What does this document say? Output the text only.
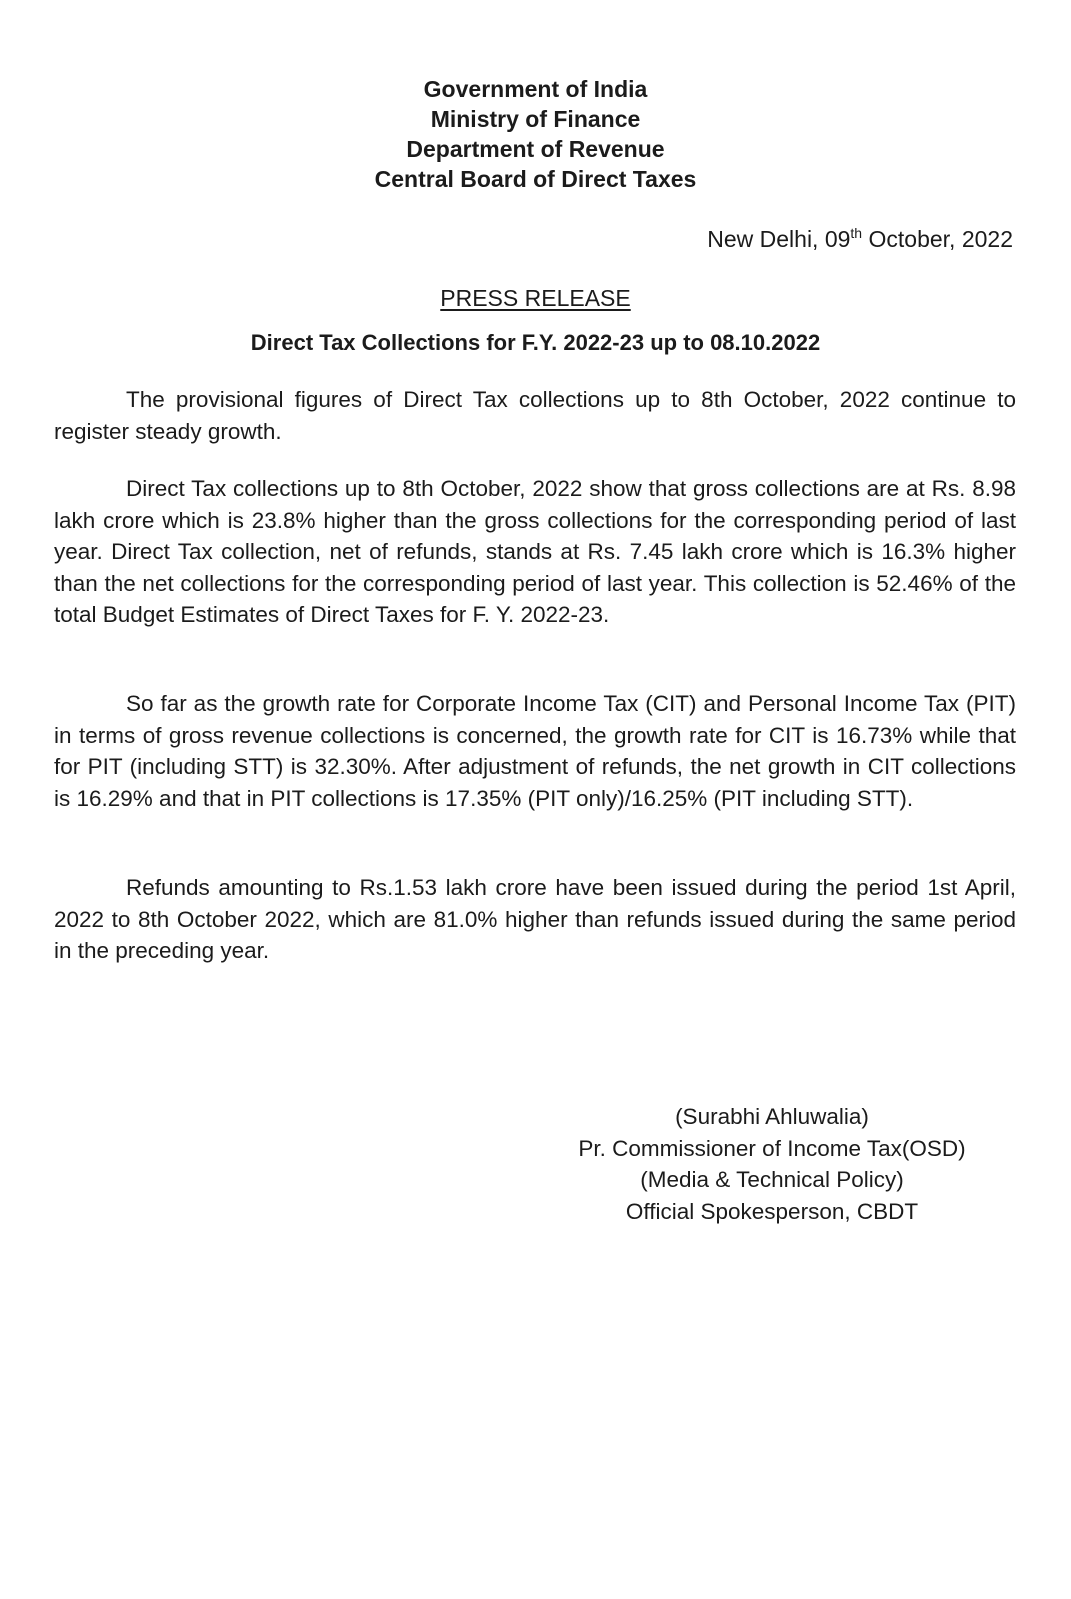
Government of India
Ministry of Finance
Department of Revenue
Central Board of Direct Taxes
New Delhi, 09th October, 2022
PRESS RELEASE
Direct Tax Collections for F.Y. 2022-23 up to 08.10.2022

The provisional figures of Direct Tax collections up to 8th October, 2022 continue to register steady growth.

Direct Tax collections up to 8th October, 2022 show that gross collections are at Rs. 8.98 lakh crore which is 23.8% higher than the gross collections for the corresponding period of last year. Direct Tax collection, net of refunds, stands at Rs. 7.45 lakh crore which is 16.3% higher than the net collections for the corresponding period of last year. This collection is 52.46% of the total Budget Estimates of Direct Taxes for F. Y. 2022-23.

So far as the growth rate for Corporate Income Tax (CIT) and Personal Income Tax (PIT) in terms of gross revenue collections is concerned, the growth rate for CIT is 16.73% while that for PIT (including STT) is 32.30%. After adjustment of refunds, the net growth in CIT collections is 16.29% and that in PIT collections is 17.35% (PIT only)/16.25% (PIT including STT).

Refunds amounting to Rs.1.53 lakh crore have been issued during the period 1st April, 2022 to 8th October 2022, which are 81.0% higher than refunds issued during the same period in the preceding year.

(Surabhi Ahluwalia)
Pr. Commissioner of Income Tax(OSD)
(Media & Technical Policy)
Official Spokesperson, CBDT
